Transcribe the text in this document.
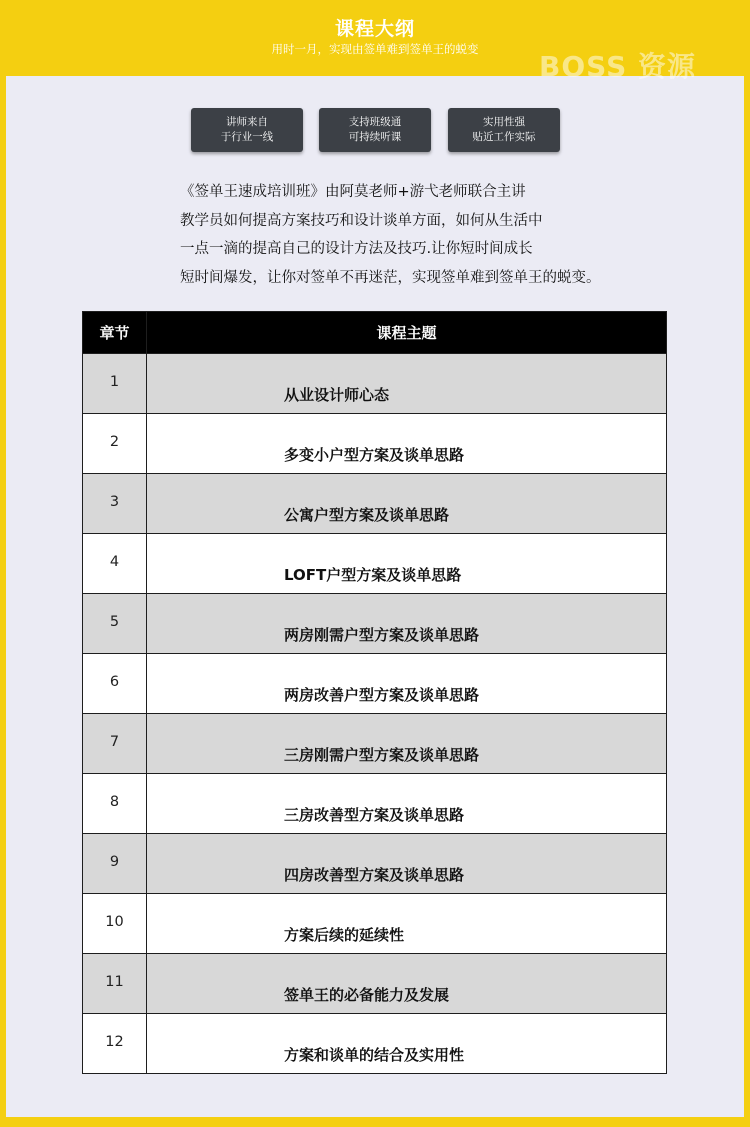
课程大纲
用时一月，实现由签单难到签单王的蜕变
BOSS 资源
讲师来自
于行业一线
支持班级通
可持续听课
实用性强
贴近工作实际
《签单王速成培训班》由阿莫老师+游弋老师联合主讲
教学员如何提高方案技巧和设计谈单方面，如何从生活中
一点一滴的提高自己的设计方法及技巧.让你短时间成长
短时间爆发，让你对签单不再迷茫，实现签单难到签单王的蜕变。
章节	课程主题
1	从业设计师心态
2	多变小户型方案及谈单思路
3	公寓户型方案及谈单思路
4	LOFT户型方案及谈单思路
5	两房刚需户型方案及谈单思路
6	两房改善户型方案及谈单思路
7	三房刚需户型方案及谈单思路
8	三房改善型方案及谈单思路
9	四房改善型方案及谈单思路
10	方案后续的延续性
11	签单王的必备能力及发展
12	方案和谈单的结合及实用性
